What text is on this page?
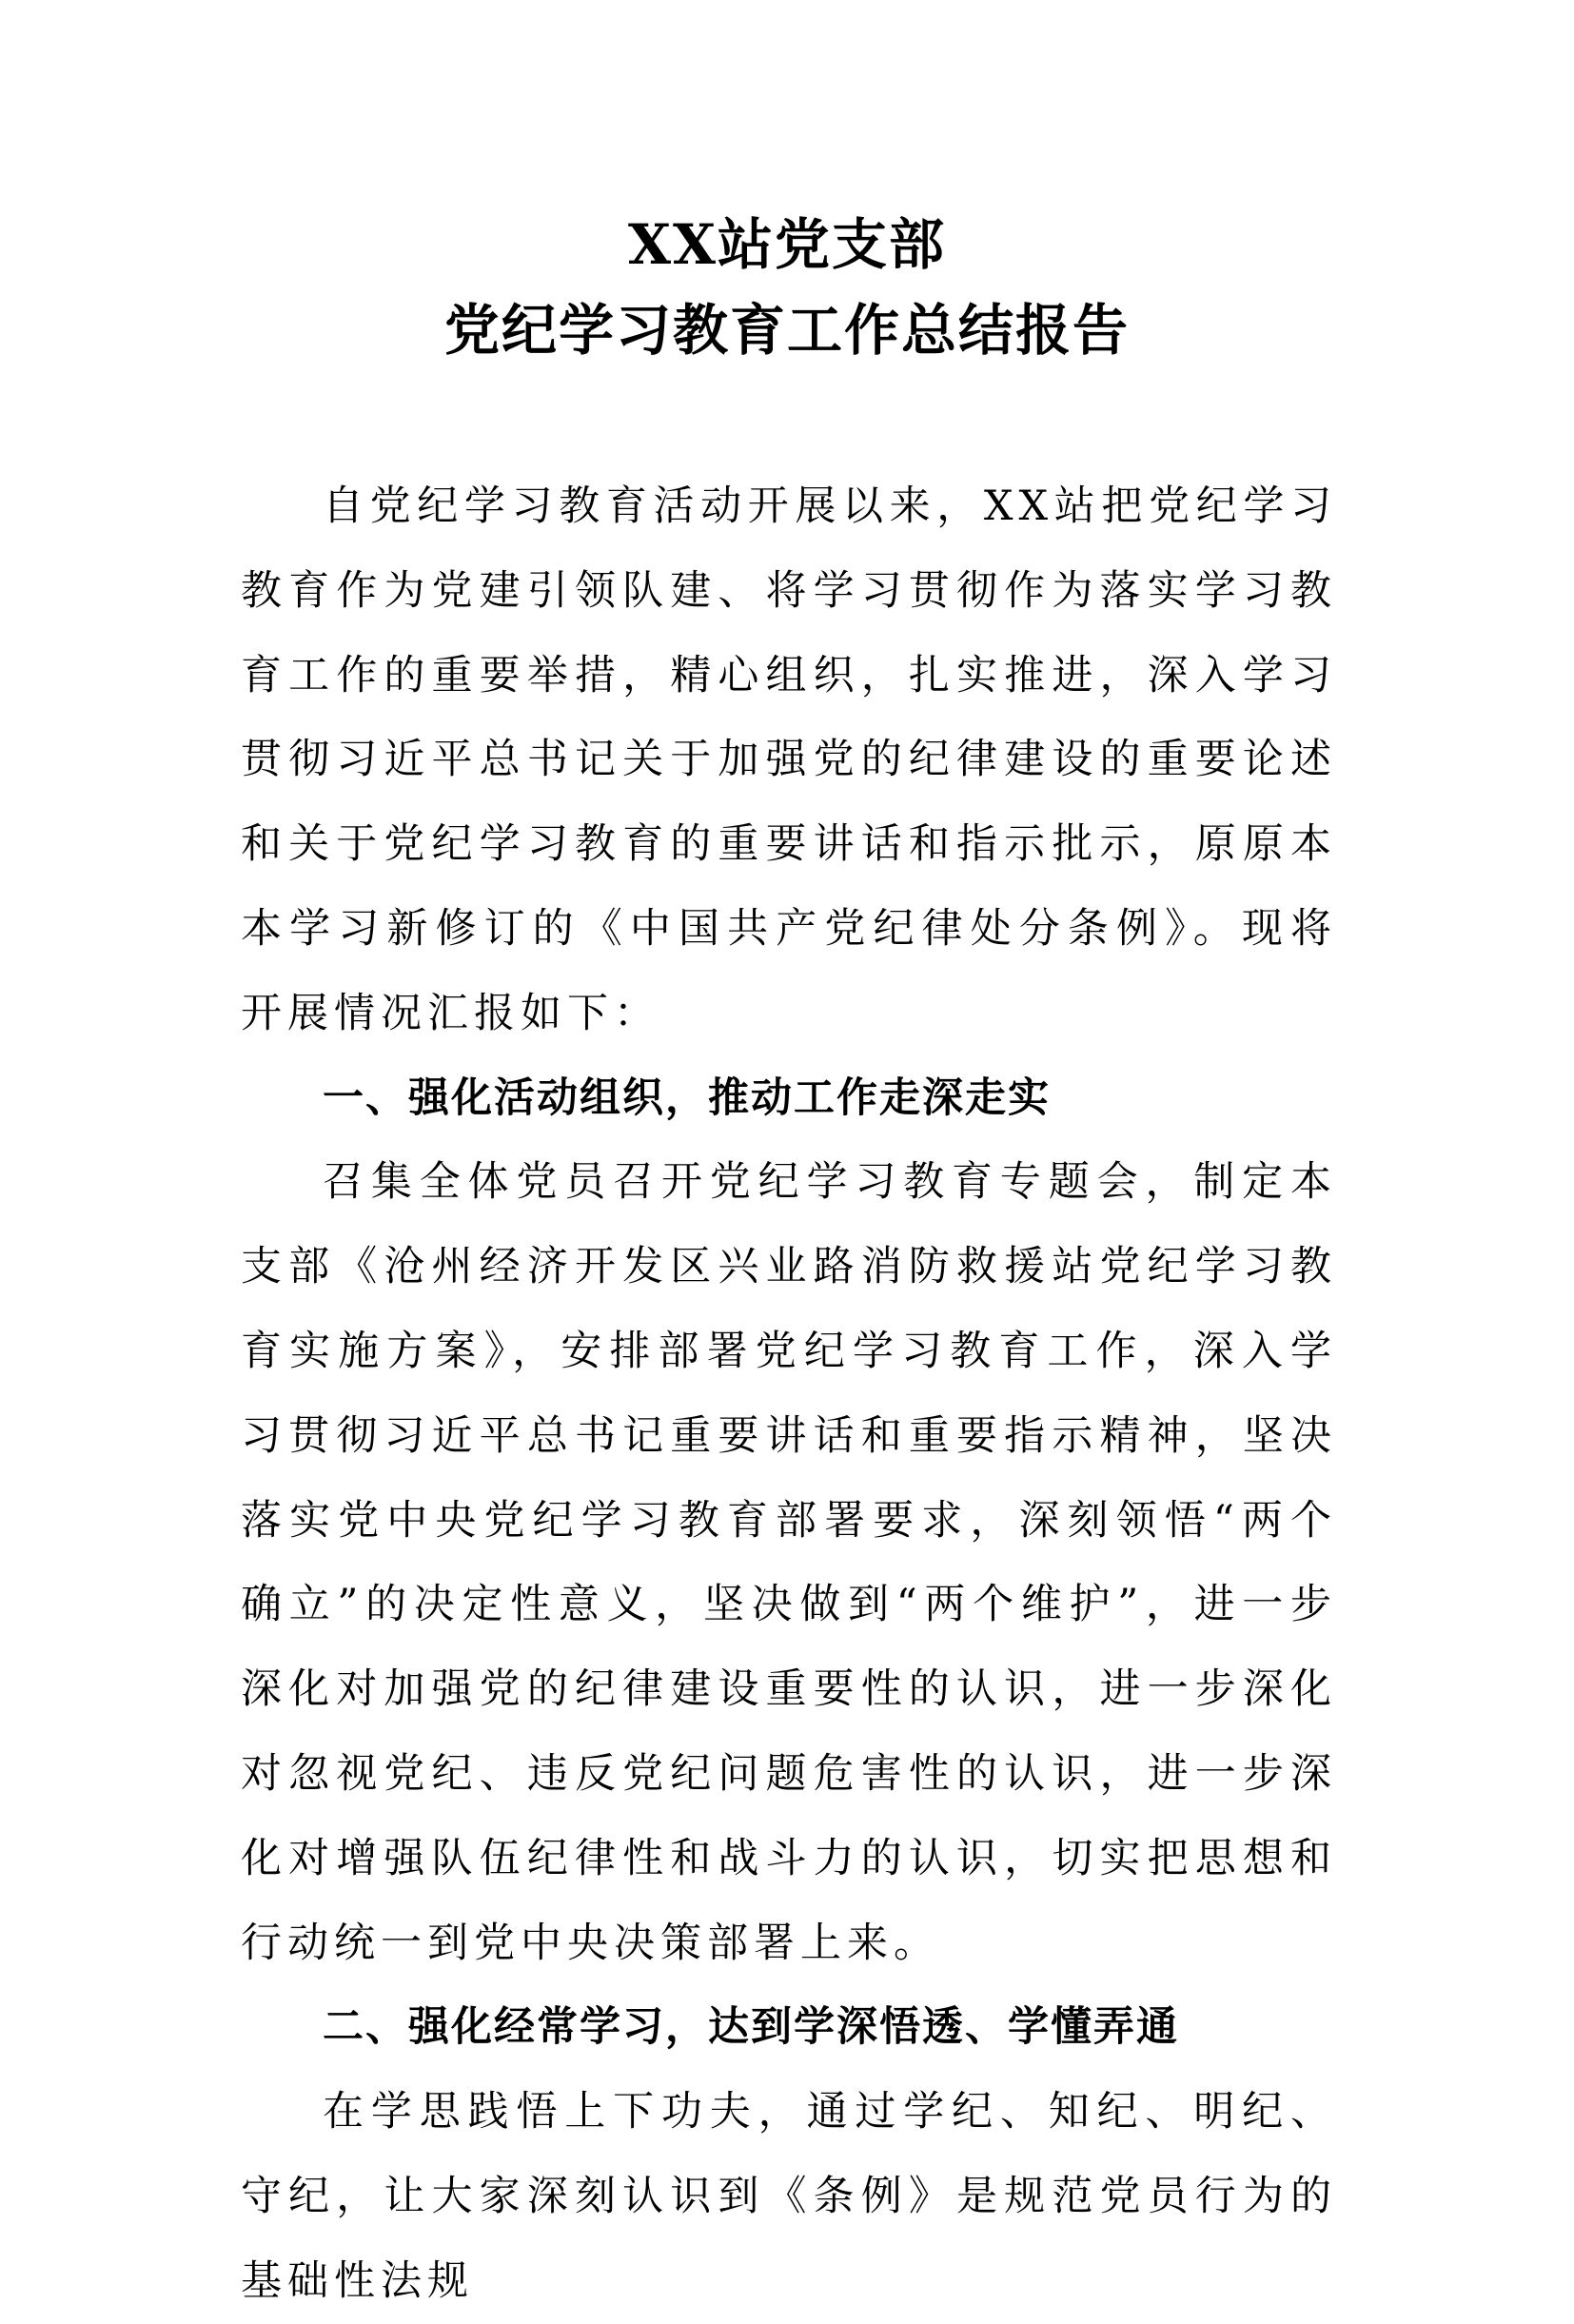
XX站党支部
党纪学习教育工作总结报告

自党纪学习教育活动开展以来，XX站把党纪学习教育作为党建引领队建、将学习贯彻作为落实学习教育工作的重要举措，精心组织，扎实推进，深入学习贯彻习近平总书记关于加强党的纪律建设的重要论述和关于党纪学习教育的重要讲话和指示批示，原原本本学习新修订的《中国共产党纪律处分条例》。现将开展情况汇报如下：

一、强化活动组织，推动工作走深走实

召集全体党员召开党纪学习教育专题会，制定本支部《沧州经济开发区兴业路消防救援站党纪学习教育实施方案》，安排部署党纪学习教育工作，深入学习贯彻习近平总书记重要讲话和重要指示精神，坚决落实党中央党纪学习教育部署要求，深刻领悟“两个确立”的决定性意义，坚决做到“两个维护”，进一步深化对加强党的纪律建设重要性的认识，进一步深化对忽视党纪、违反党纪问题危害性的认识，进一步深化对增强队伍纪律性和战斗力的认识，切实把思想和行动统一到党中央决策部署上来。

二、强化经常学习，达到学深悟透、学懂弄通

在学思践悟上下功夫，通过学纪、知纪、明纪、守纪，让大家深刻认识到《条例》是规范党员行为的基础性法规
